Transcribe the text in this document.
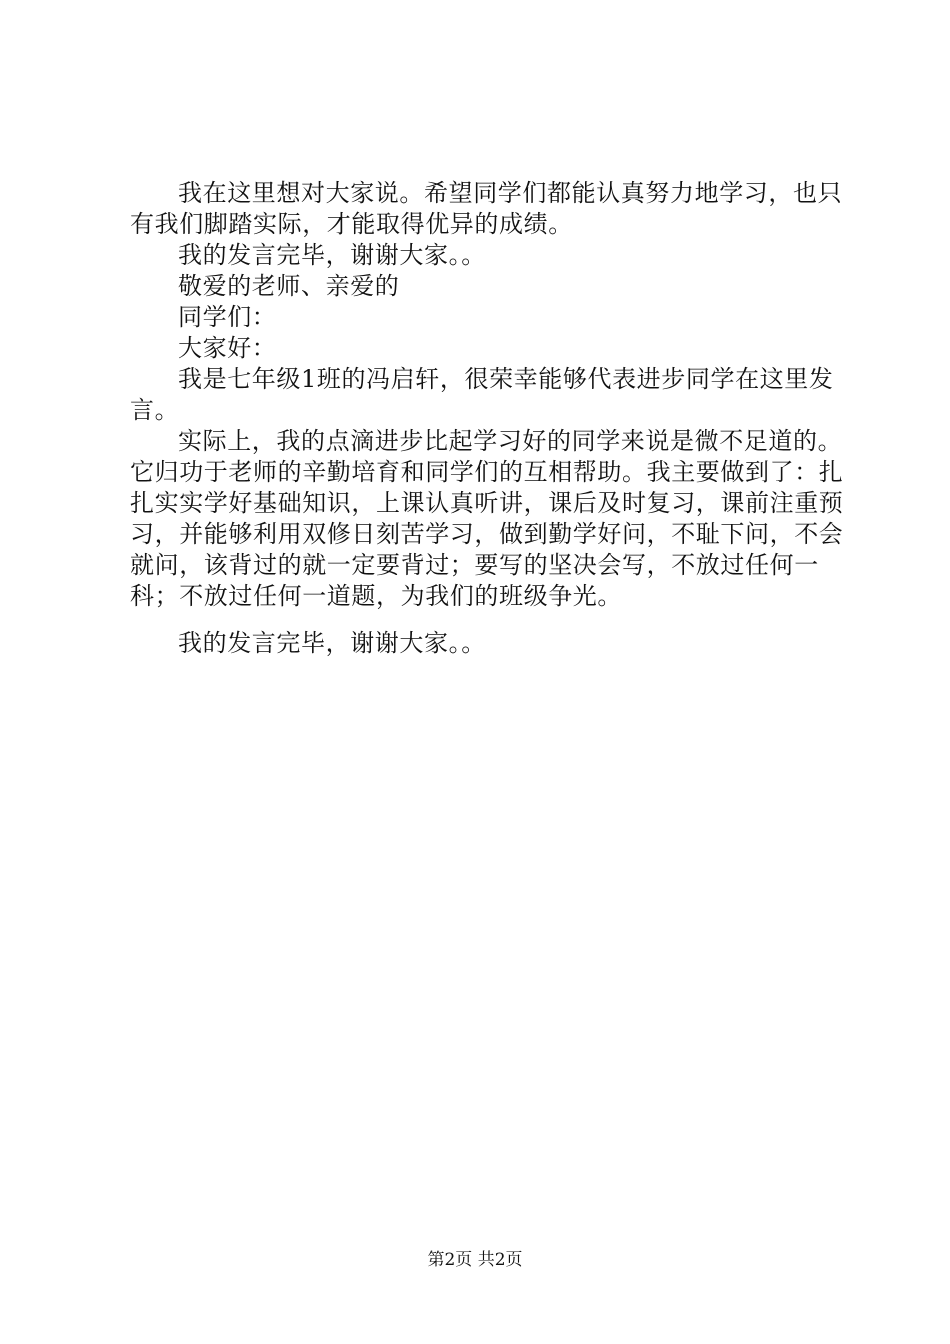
我在这里想对大家说。希望同学们都能认真努力地学习，也只有我们脚踏实际，才能取得优异的成绩。

我的发言完毕，谢谢大家。。

敬爱的老师、亲爱的

同学们：

大家好：

我是七年级1班的冯启轩，很荣幸能够代表进步同学在这里发言。

实际上，我的点滴进步比起学习好的同学来说是微不足道的。它归功于老师的辛勤培育和同学们的互相帮助。我主要做到了：扎扎实实学好基础知识，上课认真听讲，课后及时复习，课前注重预习，并能够利用双修日刻苦学习，做到勤学好问，不耻下问，不会就问，该背过的就一定要背过；要写的坚决会写，不放过任何一科；不放过任何一道题，为我们的班级争光。

我的发言完毕，谢谢大家。。

第2页 共2页
